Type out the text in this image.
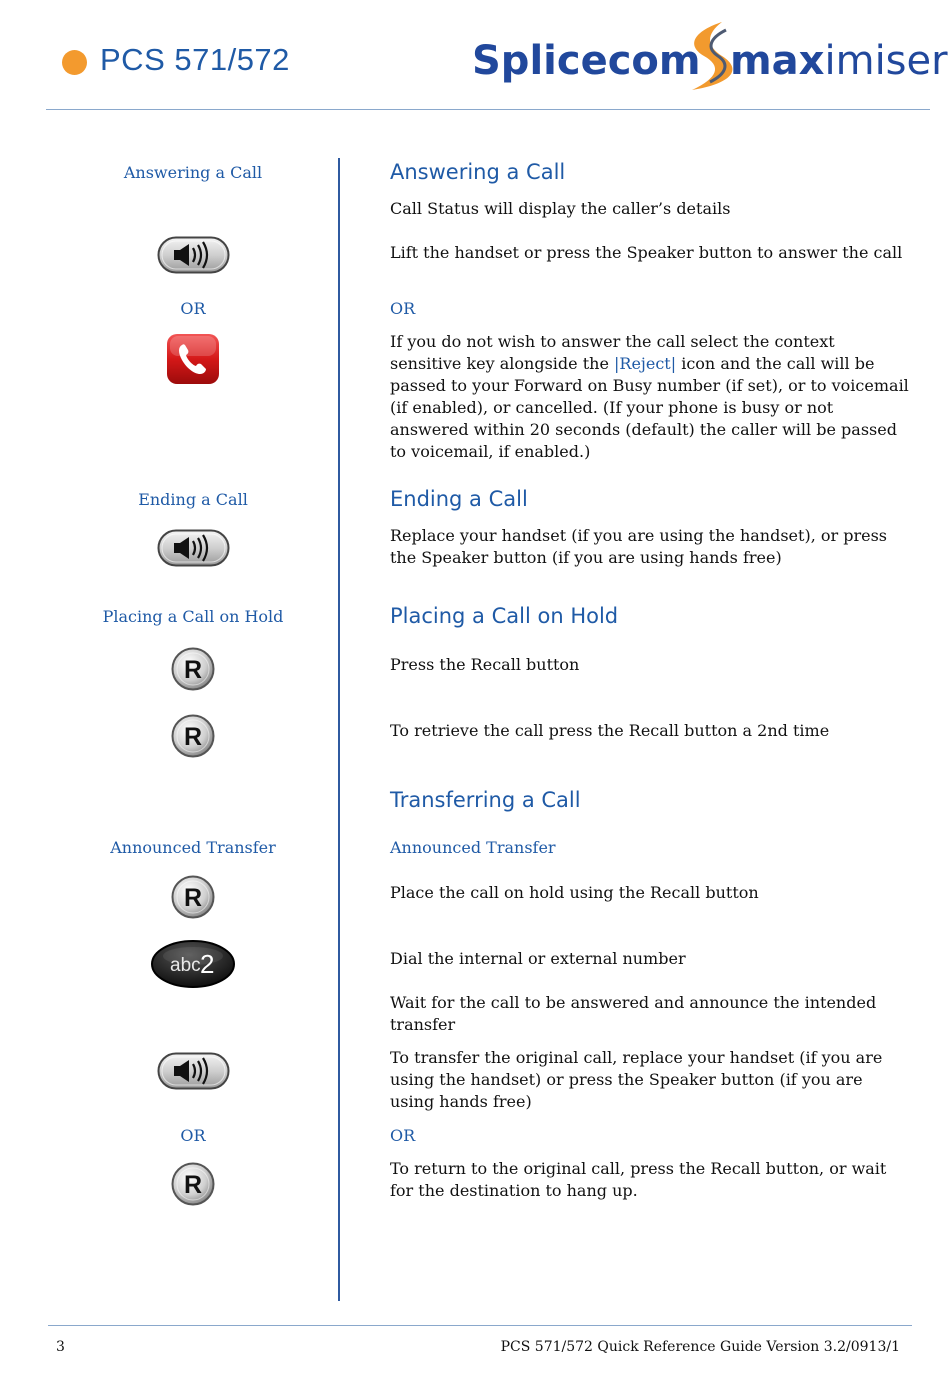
PCS 571/572	Splicecom maximiser
Answering a Call
OR
Ending a Call
Placing a Call on Hold
R
R
Announced Transfer
R
abc 2
OR
R
Answering a Call
Call Status will display the caller’s details
Lift the handset or press the Speaker button to answer the call
OR
If you do not wish to answer the call select the context sensitive key alongside the |Reject| icon and the call will be passed to your Forward on Busy number (if set), or to voicemail (if enabled), or cancelled. (If your phone is busy or not answered within 20 seconds (default) the caller will be passed to voicemail, if enabled.)
Ending a Call
Replace your handset (if you are using the handset), or press the Speaker button (if you are using hands free)
Placing a Call on Hold
Press the Recall button
To retrieve the call press the Recall button a 2nd time
Transferring a Call
Announced Transfer
Place the call on hold using the Recall button
Dial the internal or external number
Wait for the call to be answered and announce the intended transfer
To transfer the original call, replace your handset (if you are using the handset) or press the Speaker button (if you are using hands free)
OR
To return to the original call, press the Recall button, or wait for the destination to hang up.
3	PCS 571/572 Quick Reference Guide Version 3.2/0913/1
